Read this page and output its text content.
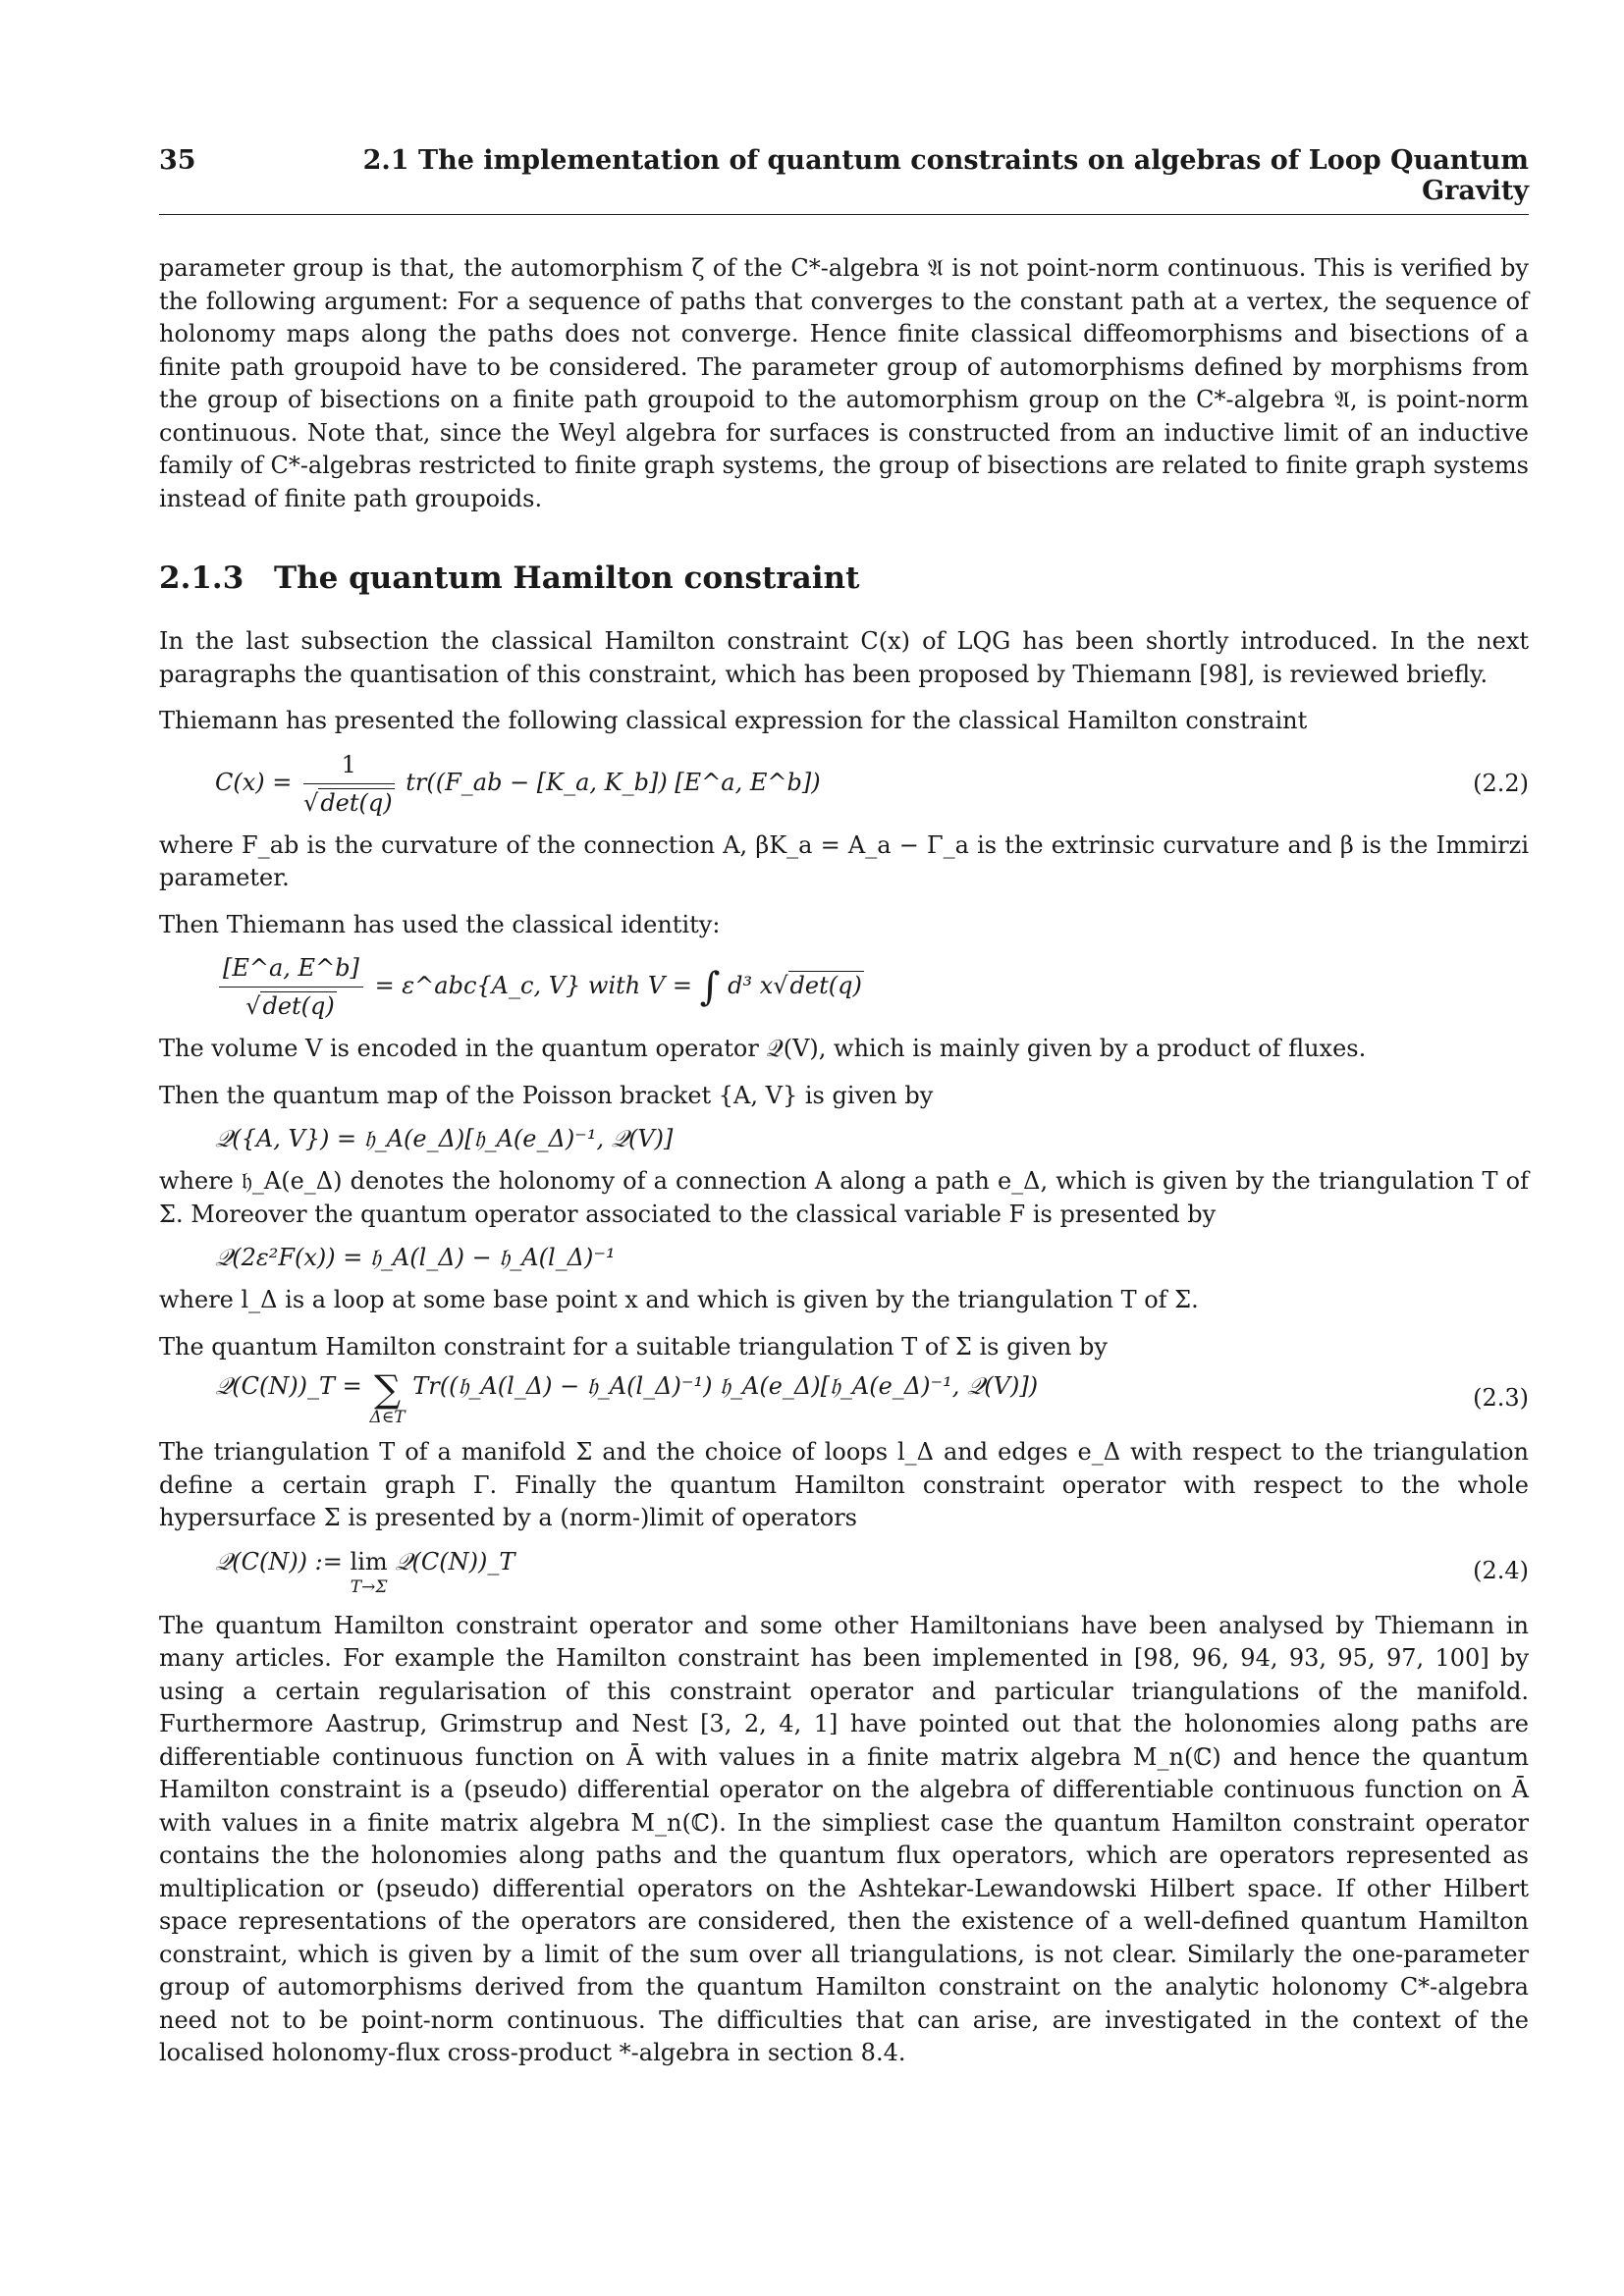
35	2.1 The implementation of quantum constraints on algebras of Loop Quantum Gravity

parameter group is that, the automorphism ζ of the C*-algebra 𝔄 is not point-norm continuous. This is verified by the following argument: For a sequence of paths that converges to the constant path at a vertex, the sequence of holonomy maps along the paths does not converge. Hence finite classical diffeomorphisms and bisections of a finite path groupoid have to be considered. The parameter group of automorphisms defined by morphisms from the group of bisections on a finite path groupoid to the automorphism group on the C*-algebra 𝔄, is point-norm continuous. Note that, since the Weyl algebra for surfaces is constructed from an inductive limit of an inductive family of C*-algebras restricted to finite graph systems, the group of bisections are related to finite graph systems instead of finite path groupoids.

2.1.3 The quantum Hamilton constraint

In the last subsection the classical Hamilton constraint C(x) of LQG has been shortly introduced. In the next paragraphs the quantisation of this constraint, which has been proposed by Thiemann [98], is reviewed briefly.

Thiemann has presented the following classical expression for the classical Hamilton constraint

$C(x) = \frac{1}{√\det(q)}$ tr((F_ab − [K_a, K_b]) [E^a, E^b])	(2.2)

where F_ab is the curvature of the connection A, βK_a = A_a − Γ_a is the extrinsic curvature and β is the Immirzi parameter.

Then Thiemann has used the classical identity:

$\frac{[E\^{}a, E\^{}b]}{√\det(q)}$ = ε^abc{A_c, V} with V = ∫ d³ x√det(q)

The volume V is encoded in the quantum operator 𝒬(V), which is mainly given by a product of fluxes.

Then the quantum map of the Poisson bracket {A, V} is given by

𝒬({A, V}) = 𝔥_A(e_Δ)[𝔥_A(e_Δ)⁻¹, 𝒬(V)]

where 𝔥_A(e_Δ) denotes the holonomy of a connection A along a path e_Δ, which is given by the triangulation T of Σ. Moreover the quantum operator associated to the classical variable F is presented by

𝒬(2ε²F(x)) = 𝔥_A(l_Δ) − 𝔥_A(l_Δ)⁻¹

where l_Δ is a loop at some base point x and which is given by the triangulation T of Σ.

The quantum Hamilton constraint for a suitable triangulation T of Σ is given by

𝒬(C(N))_T = ∑
Δ∈T
Tr((𝔥_A(l_Δ) − 𝔥_A(l_Δ)⁻¹) 𝔥_A(e_Δ)[𝔥_A(e_Δ)⁻¹, 𝒬(V)])	(2.3)

The triangulation T of a manifold Σ and the choice of loops l_Δ and edges e_Δ with respect to the triangulation define a certain graph Γ. Finally the quantum Hamilton constraint operator with respect to the whole hypersurface Σ is presented by a (norm-)limit of operators

𝒬(C(N)) := lim
T→Σ
𝒬(C(N))_T	(2.4)

The quantum Hamilton constraint operator and some other Hamiltonians have been analysed by Thiemann in many articles. For example the Hamilton constraint has been implemented in [98, 96, 94, 93, 95, 97, 100] by using a certain regularisation of this constraint operator and particular triangulations of the manifold. Furthermore Aastrup, Grimstrup and Nest [3, 2, 4, 1] have pointed out that the holonomies along paths are differentiable continuous function on Ā with values in a finite matrix algebra M_n(ℂ) and hence the quantum Hamilton constraint is a (pseudo) differential operator on the algebra of differentiable continuous function on Ā with values in a finite matrix algebra M_n(ℂ). In the simpliest case the quantum Hamilton constraint operator contains the the holonomies along paths and the quantum flux operators, which are operators represented as multiplication or (pseudo) differential operators on the Ashtekar-Lewandowski Hilbert space. If other Hilbert space representations of the operators are considered, then the existence of a well-defined quantum Hamilton constraint, which is given by a limit of the sum over all triangulations, is not clear. Similarly the one-parameter group of automorphisms derived from the quantum Hamilton constraint on the analytic holonomy C*-algebra need not to be point-norm continuous. The difficulties that can arise, are investigated in the context of the localised holonomy-flux cross-product *-algebra in section 8.4.
